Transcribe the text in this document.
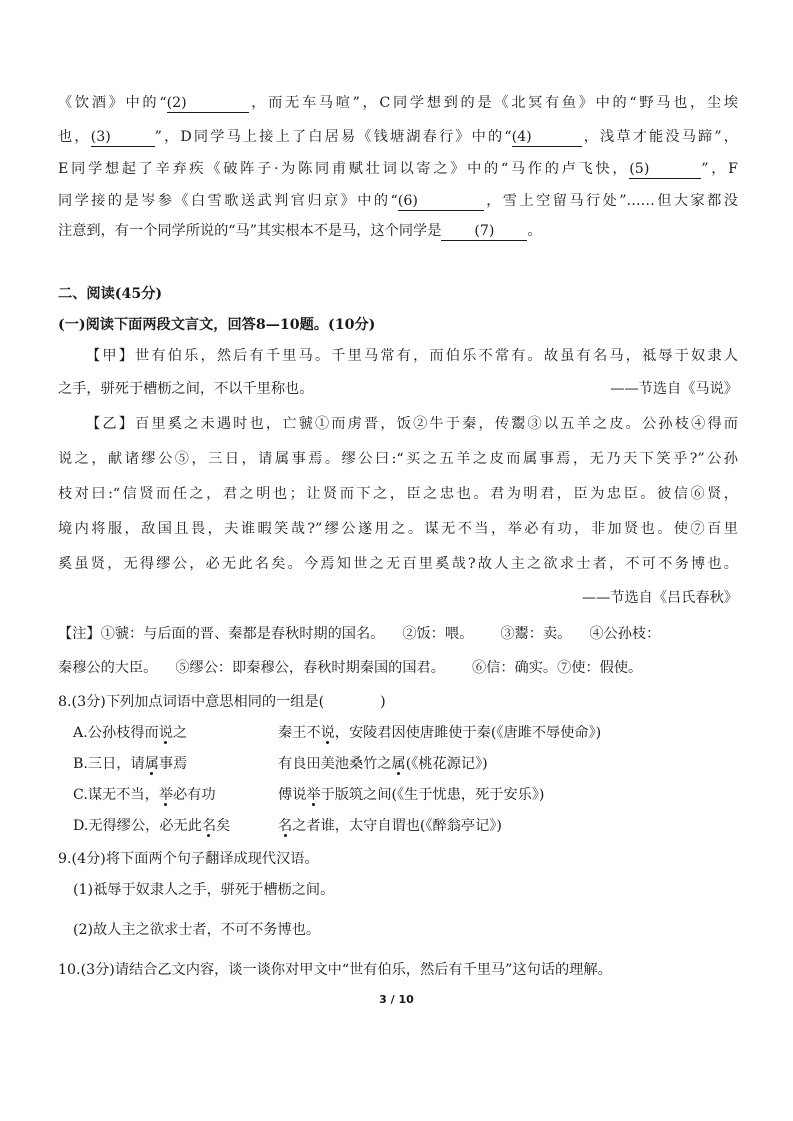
《饮酒》中的“(2)	，而无车马喧”，C同学想到的是《北冥有鱼》中的“野马也，尘埃
也，(3)	”，D同学马上接上了白居易《钱塘湖春行》中的“(4)	，浅草才能没马蹄”，
E同学想起了辛弃疾《破阵子·为陈同甫赋壮词以寄之》中的“马作的卢飞快，(5)	”，F
同学接的是岑参《白雪歌送武判官归京》中的“(6)	，雪上空留马行处”……但大家都没
注意到，有一个同学所说的“马”其实根本不是马，这个同学是 (7) 。
二、阅读(45分)
(一)阅读下面两段文言文，回答8—10题。(10分)
【甲】世有伯乐，然后有千里马。千里马常有，而伯乐不常有。故虽有名马，祗辱于奴隶人
之手，骈死于槽枥之间，不以千里称也。	——节选自《马说》
【乙】百里奚之未遇时也，亡虢①而虏晋，饭②牛于秦，传鬻③以五羊之皮。公孙枝④得而
说之，献诸缪公⑤，三日，请属事焉。缪公曰:“买之五羊之皮而属事焉，无乃天下笑乎?”公孙
枝对曰:“信贤而任之，君之明也；让贤而下之，臣之忠也。君为明君，臣为忠臣。彼信⑥贤，
境内将服，敌国且畏，夫谁暇笑哉?”缪公遂用之。谋无不当，举必有功，非加贤也。使⑦百里
奚虽贤，无得缪公，必无此名矣。今焉知世之无百里奚哉?故人主之欲求士者，不可不务博也。
——节选自《吕氏春秋》
【注】①虢：与后面的晋、秦都是春秋时期的国名。    ②饭：喂。      ③鬻：卖。    ④公孙枝：
秦穆公的大臣。    ⑤缪公：即秦穆公，春秋时期秦国的国君。      ⑥信：确实。⑦使：假使。
8.(3分)下列加点词语中意思相同的一组是(	)
A.公孙枝得而说之	秦王不说，安陵君因使唐雎使于秦(《唐雎不辱使命》)
B.三日，请属事焉	有良田美池桑竹之属(《桃花源记》)
C.谋无不当，举必有功	傅说举于版筑之间(《生于忧患，死于安乐》)
D.无得缪公，必无此名矣	名之者谁，太守自谓也(《醉翁亭记》)
9.(4分)将下面两个句子翻译成现代汉语。
(1)祗辱于奴隶人之手，骈死于槽枥之间。
(2)故人主之欲求士者，不可不务博也。
10.(3分)请结合乙文内容，谈一谈你对甲文中“世有伯乐，然后有千里马”这句话的理解。
3 / 10
